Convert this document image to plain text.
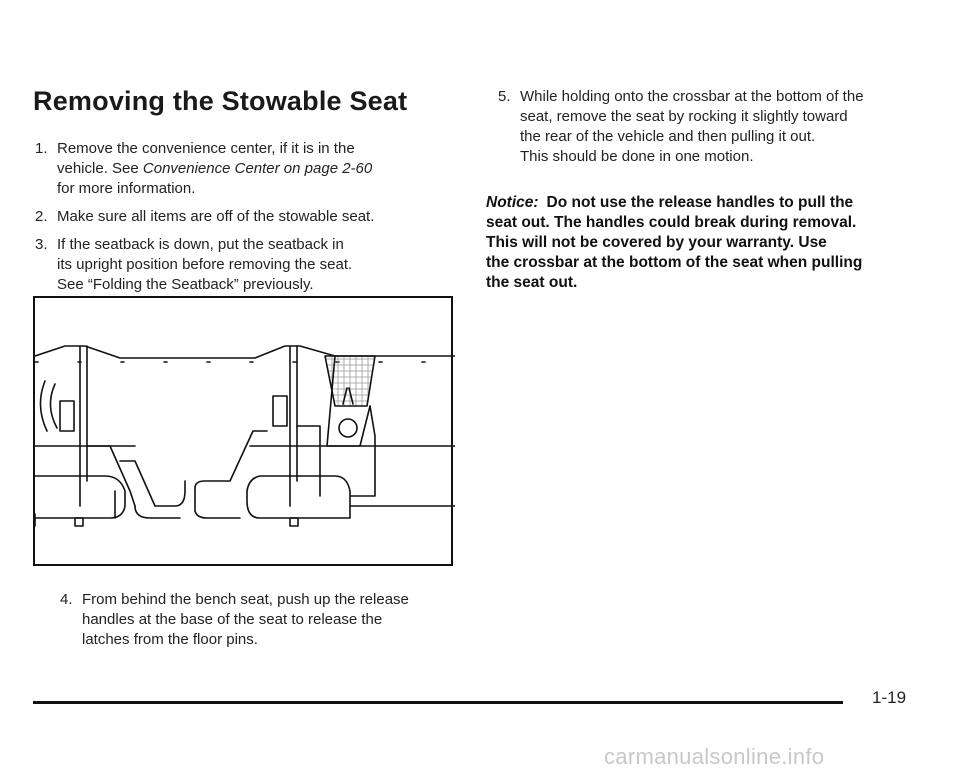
Removing the Stowable Seat
1. Remove the convenience center, if it is in the
vehicle. See Convenience Center on page 2-60
for more information.
2. Make sure all items are off of the stowable seat.
3. If the seatback is down, put the seatback in
its upright position before removing the seat.
See “Folding the Seatback” previously.
4. From behind the bench seat, push up the release
handles at the base of the seat to release the
latches from the floor pins.
5. While holding onto the crossbar at the bottom of the
seat, remove the seat by rocking it slightly toward
the rear of the vehicle and then pulling it out.
This should be done in one motion.
Notice: Do not use the release handles to pull the
seat out. The handles could break during removal.
This will not be covered by your warranty. Use
the crossbar at the bottom of the seat when pulling
the seat out.
1-19
carmanualsonline.info
